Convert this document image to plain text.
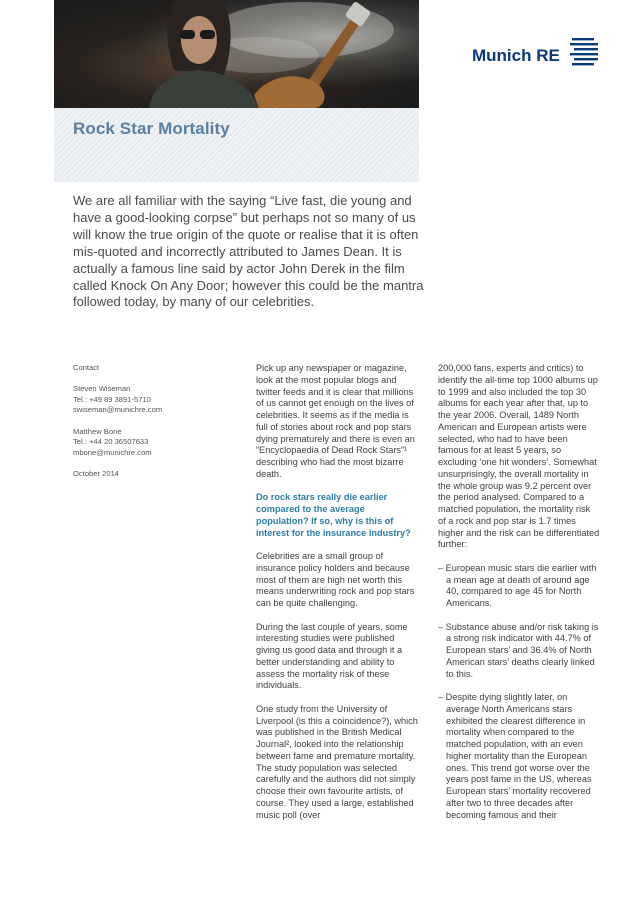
Rock Star Mortality
Munich RE

We are all familiar with the saying “Live fast, die young and have a good-looking corpse” but perhaps not so many of us will know the true origin of the quote or realise that it is often mis-quoted and incorrectly attributed to James Dean. It is actually a famous line said by actor John Derek in the film called Knock On Any Door; however this could be the mantra followed today, by many of our celebrities.

Contact

Steven Wiseman

Tel.: +49 89 3891-5710

swiseman@munichre.com

Matthew Bone

Tel.: +44 20 36507633

mbone@munichre.com

October 2014

Pick up any newspaper or magazine, look at the most popular blogs and twitter feeds and it is clear that millions of us cannot get enough on the lives of celebrities. It seems as if the media is full of stories about rock and pop stars dying prematurely and there is even an “Encyclopaedia of Dead Rock Stars”¹ describing who had the most bizarre death.

Do rock stars really die earlier compared to the average population? If so, why is this of interest for the insurance industry?

Celebrities are a small group of insurance policy holders and because most of them are high net worth this means underwriting rock and pop stars can be quite challenging.

During the last couple of years, some interesting studies were published giving us good data and through it a better understanding and ability to assess the mortality risk of these individuals.

One study from the University of Liverpool (is this a coincidence?), which was published in the British Medical Journal², looked into the relationship between fame and premature mortality. The study population was selected carefully and the authors did not simply choose their own favourite artists, of course. They used a large, established music poll (over

200,000 fans, experts and critics) to identify the all-time top 1000 albums up to 1999 and also included the top 30 albums for each year after that, up to the year 2006. Overall, 1489 North American and European artists were selected, who had to have been famous for at least 5 years, so excluding ‘one hit wonders’. Somewhat unsurprisingly, the overall mortality in the whole group was 9.2 percent over the period analysed. Compared to a matched population, the mortality risk of a rock and pop star is 1.7 times higher and the risk can be differentiated further:

– European music stars die earlier with a mean age at death of around age 40, compared to age 45 for North Americans.

– Substance abuse and/or risk taking is a strong risk indicator with 44.7% of European stars’ and 36.4% of North American stars’ deaths clearly linked to this.

– Despite dying slightly later, on average North Americans stars exhibited the clearest difference in mortality when compared to the matched population, with an even higher mortality than the European ones. This trend got worse over the years post fame in the US, whereas European stars’ mortality recovered after two to three decades after becoming famous and their
